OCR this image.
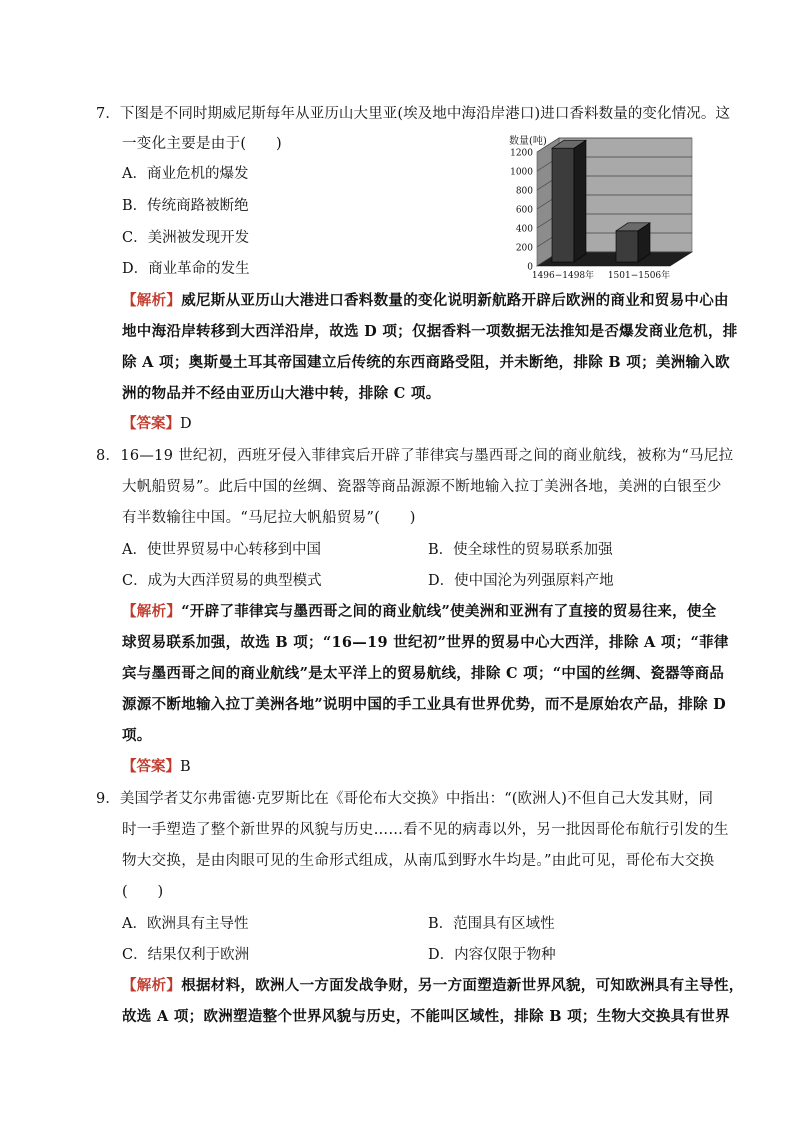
7．下图是不同时期威尼斯每年从亚历山大里亚(埃及地中海沿岸港口)进口香料数量的变化情况。这
一变化主要是由于(　　)
A．商业危机的爆发
B．传统商路被断绝
C．美洲被发现开发
D．商业革命的发生
数量(吨)
0
200
400
600
800
1000
1200
1496−1498年 1501−1506年
【解析】威尼斯从亚历山大港进口香料数量的变化说明新航路开辟后欧洲的商业和贸易中心由
地中海沿岸转移到大西洋沿岸，故选 D 项；仅据香料一项数据无法推知是否爆发商业危机，排
除 A 项；奥斯曼土耳其帝国建立后传统的东西商路受阻，并未断绝，排除 B 项；美洲输入欧
洲的物品并不经由亚历山大港中转，排除 C 项。
【答案】D
8．16—19 世纪初，西班牙侵入菲律宾后开辟了菲律宾与墨西哥之间的商业航线，被称为“马尼拉
大帆船贸易”。此后中国的丝绸、瓷器等商品源源不断地输入拉丁美洲各地，美洲的白银至少
有半数输往中国。“马尼拉大帆船贸易”(　　)
A．使世界贸易中心转移到中国	B．使全球性的贸易联系加强
C．成为大西洋贸易的典型模式	D．使中国沦为列强原料产地
【解析】“开辟了菲律宾与墨西哥之间的商业航线”使美洲和亚洲有了直接的贸易往来，使全
球贸易联系加强，故选 B 项；“16—19 世纪初”世界的贸易中心大西洋，排除 A 项；“菲律
宾与墨西哥之间的商业航线”是太平洋上的贸易航线，排除 C 项；“中国的丝绸、瓷器等商品
源源不断地输入拉丁美洲各地”说明中国的手工业具有世界优势，而不是原始农产品，排除 D
项。
【答案】B
9．美国学者艾尔弗雷德·克罗斯比在《哥伦布大交换》中指出：“(欧洲人)不但自己大发其财，同
时一手塑造了整个新世界的风貌与历史……看不见的病毒以外，另一批因哥伦布航行引发的生
物大交换，是由肉眼可见的生命形式组成，从南瓜到野水牛均是。”由此可见，哥伦布大交换
(　　)
A．欧洲具有主导性	B．范围具有区域性
C．结果仅利于欧洲	D．内容仅限于物种
【解析】根据材料，欧洲人一方面发战争财，另一方面塑造新世界风貌，可知欧洲具有主导性，
故选 A 项；欧洲塑造整个世界风貌与历史，不能叫区域性，排除 B 项；生物大交换具有世界
